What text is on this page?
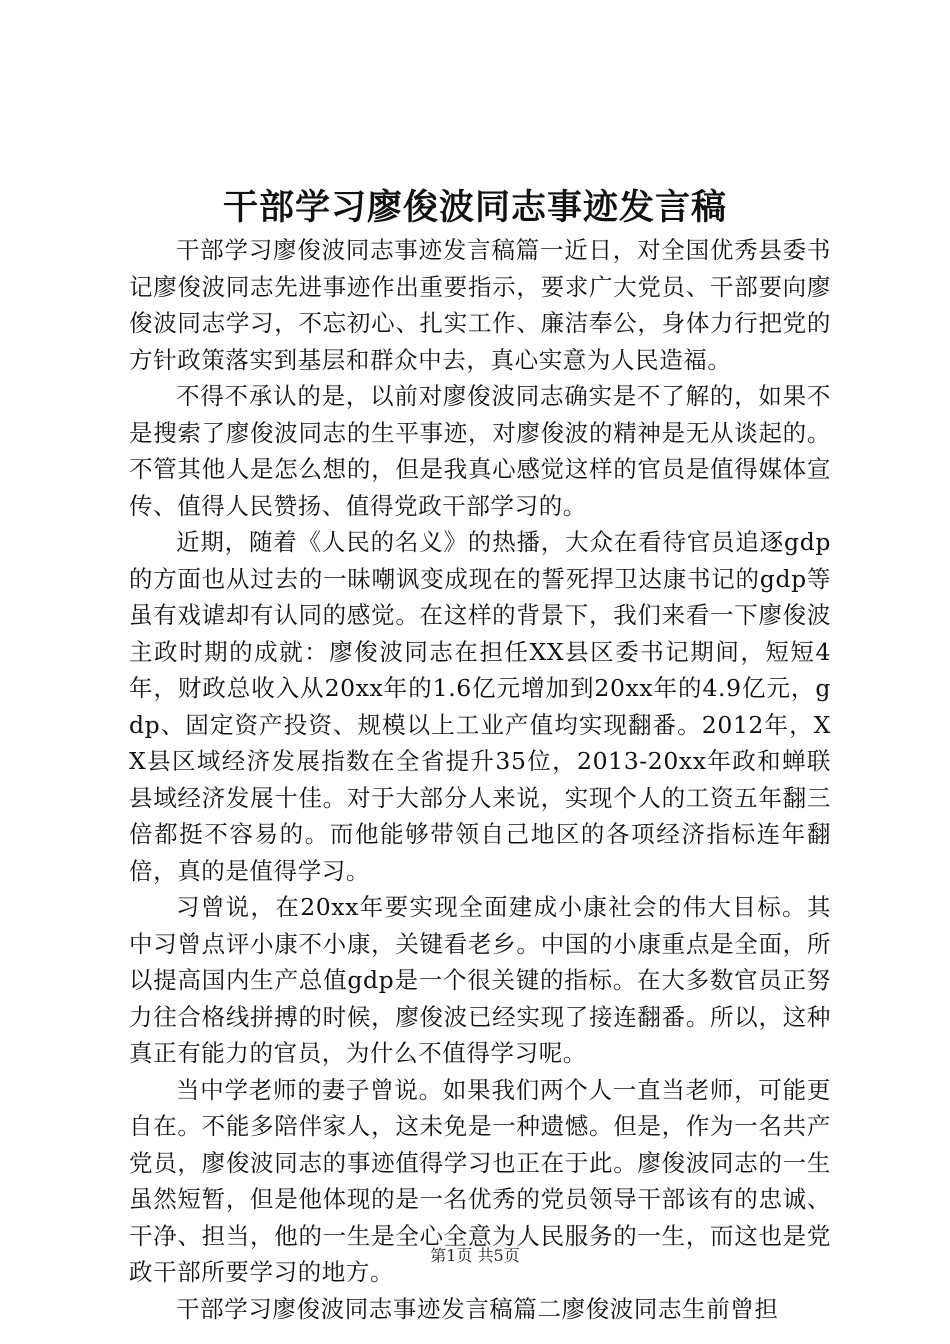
干部学习廖俊波同志事迹发言稿

干部学习廖俊波同志事迹发言稿篇一近日，对全国优秀县委书记廖俊波同志先进事迹作出重要指示，要求广大党员、干部要向廖俊波同志学习，不忘初心、扎实工作、廉洁奉公，身体力行把党的方针政策落实到基层和群众中去，真心实意为人民造福。

不得不承认的是，以前对廖俊波同志确实是不了解的，如果不是搜索了廖俊波同志的生平事迹，对廖俊波的精神是无从谈起的。不管其他人是怎么想的，但是我真心感觉这样的官员是值得媒体宣传、值得人民赞扬、值得党政干部学习的。

近期，随着《人民的名义》的热播，大众在看待官员追逐gdp的方面也从过去的一昧嘲讽变成现在的誓死捍卫达康书记的gdp等虽有戏谑却有认同的感觉。在这样的背景下，我们来看一下廖俊波主政时期的成就：廖俊波同志在担任XX县区委书记期间，短短4年，财政总收入从20xx年的1.6亿元增加到20xx年的4.9亿元，gdp、固定资产投资、规模以上工业产值均实现翻番。2012年，XX县区域经济发展指数在全省提升35位，2013-20xx年政和蝉联县域经济发展十佳。对于大部分人来说，实现个人的工资五年翻三倍都挺不容易的。而他能够带领自己地区的各项经济指标连年翻倍，真的是值得学习。

习曾说，在20xx年要实现全面建成小康社会的伟大目标。其中习曾点评小康不小康，关键看老乡。中国的小康重点是全面，所以提高国内生产总值gdp是一个很关键的指标。在大多数官员正努力往合格线拼搏的时候，廖俊波已经实现了接连翻番。所以，这种真正有能力的官员，为什么不值得学习呢。

当中学老师的妻子曾说。如果我们两个人一直当老师，可能更自在。不能多陪伴家人，这未免是一种遗憾。但是，作为一名共产党员，廖俊波同志的事迹值得学习也正在于此。廖俊波同志的一生虽然短暂，但是他体现的是一名优秀的党员领导干部该有的忠诚、干净、担当，他的一生是全心全意为人民服务的一生，而这也是党政干部所要学习的地方。

干部学习廖俊波同志事迹发言稿篇二廖俊波同志生前曾担

第1页 共5页
